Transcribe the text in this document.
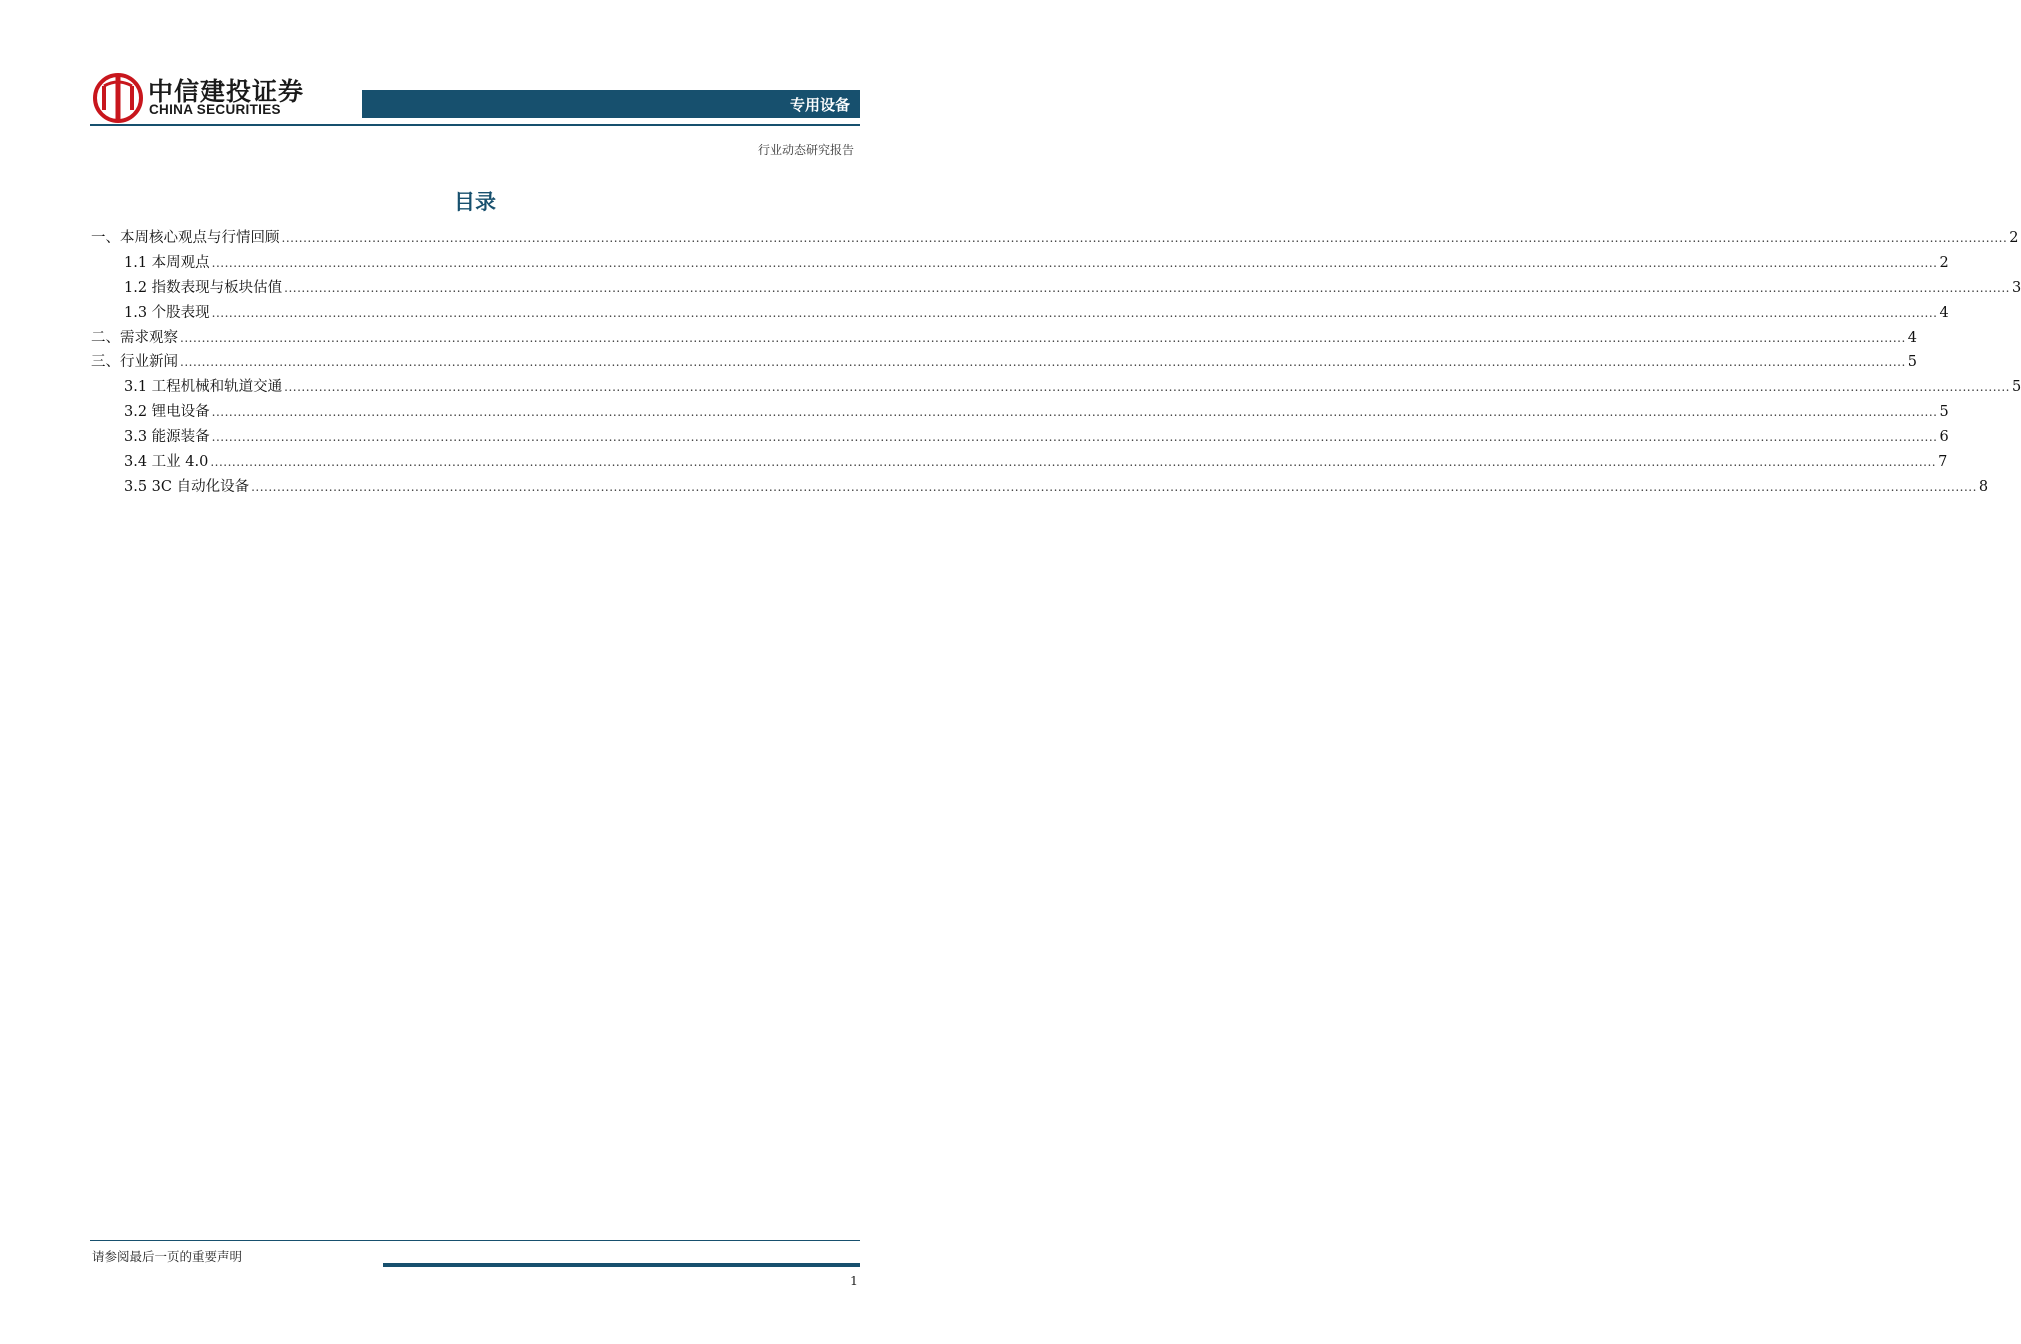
中信建投证券
CHINA SECURITIES	专用设备
行业动态研究报告
目录
一、本周核心观点与行情回顾 ................................................................................................................................................................................................................................................................................................................................................................................................................ 2
1.1 本周观点 ................................................................................................................................................................................................................................................................................................................................................................................................................ 2
1.2 指数表现与板块估值 ................................................................................................................................................................................................................................................................................................................................................................................................................ 3
1.3 个股表现 ................................................................................................................................................................................................................................................................................................................................................................................................................ 4
二、需求观察 ................................................................................................................................................................................................................................................................................................................................................................................................................ 4
三、行业新闻 ................................................................................................................................................................................................................................................................................................................................................................................................................ 5
3.1 工程机械和轨道交通 ................................................................................................................................................................................................................................................................................................................................................................................................................ 5
3.2 锂电设备 ................................................................................................................................................................................................................................................................................................................................................................................................................ 5
3.3 能源装备 ................................................................................................................................................................................................................................................................................................................................................................................................................ 6
3.4 工业 4.0 ................................................................................................................................................................................................................................................................................................................................................................................................................ 7
3.5 3C 自动化设备 ................................................................................................................................................................................................................................................................................................................................................................................................................ 8
请参阅最后一页的重要声明
1
